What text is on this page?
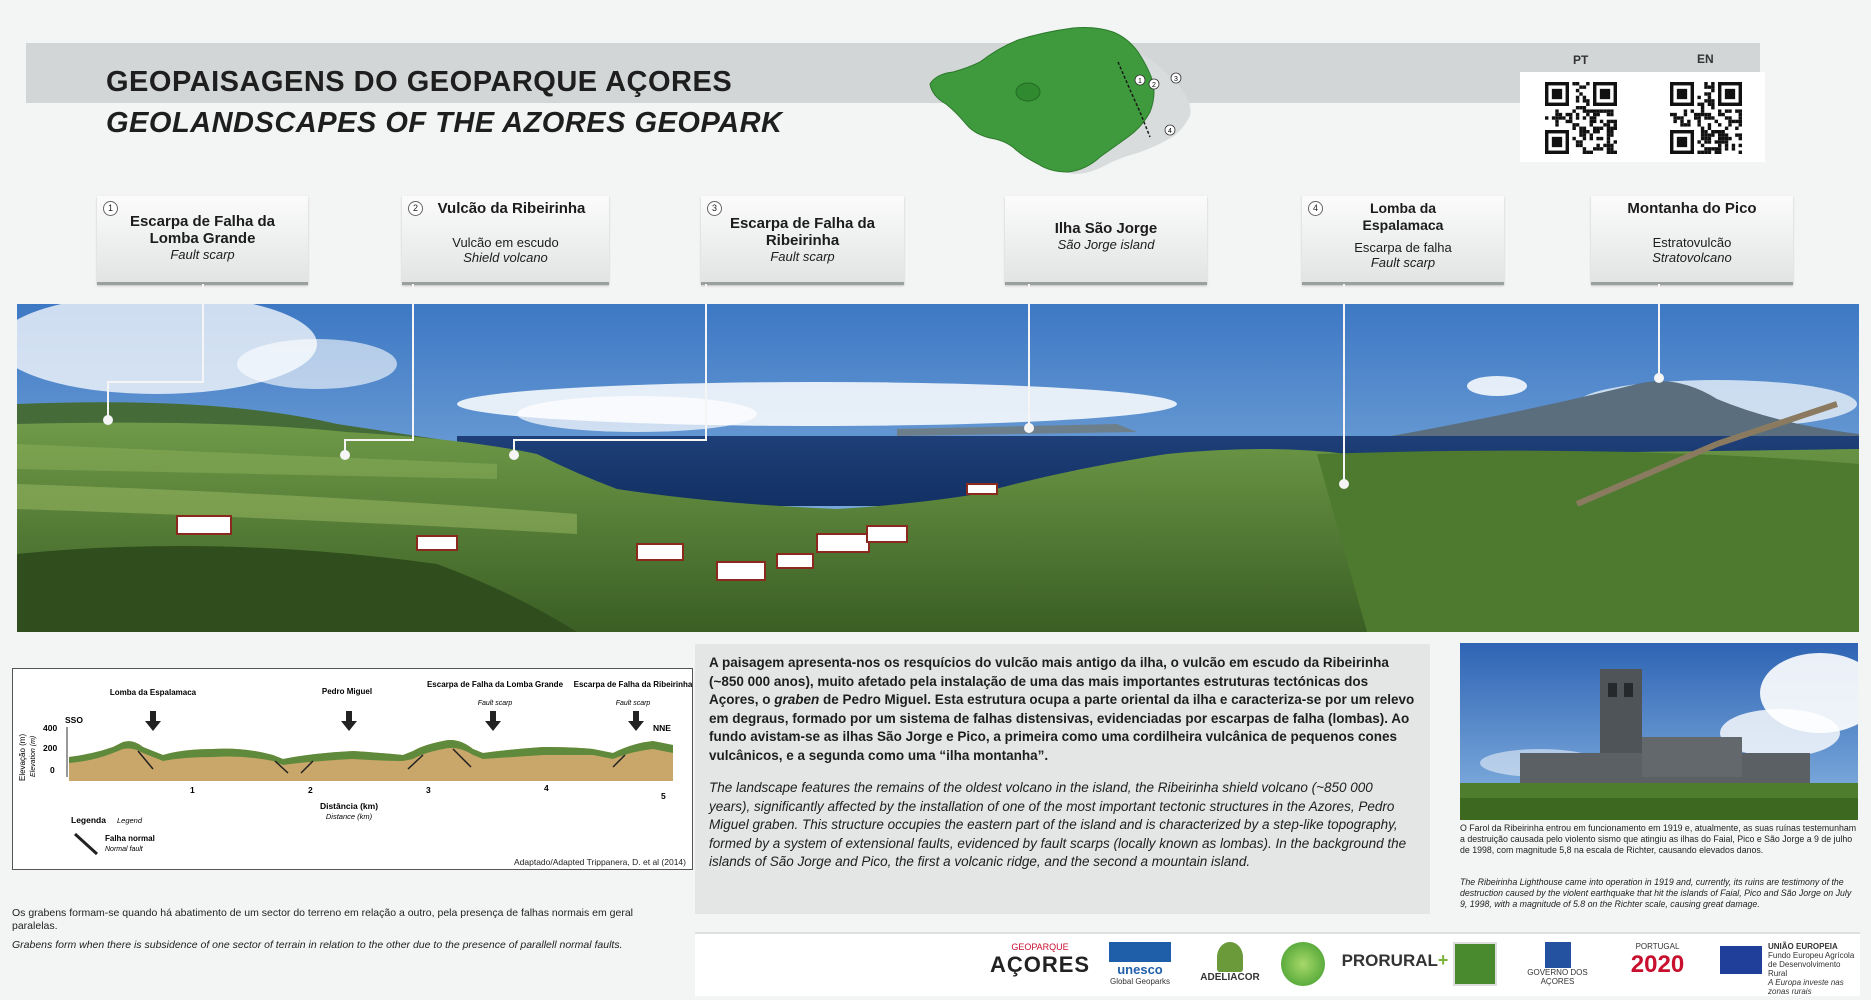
GEOPAISAGENS DO GEOPARQUE AÇORES
GEOLANDSCAPES OF THE AZORES GEOPARK
1
2
3
4
PT	EN
1
Escarpa de Falha da Lomba Grande
Fault scarp
2	Vulcão da Ribeirinha
Vulcão em escudo
Shield volcano
3
Escarpa de Falha da Ribeirinha
Fault scarp
Ilha São Jorge
São Jorge island
4	Lomba da Espalamaca
Escarpa de falha
Fault scarp
Montanha do Pico
Estratovulcão
Stratovolcano
Elevação (m) Elevation (m)
400
200
0
SSO
NNE
Lomba da Espalamaca	Pedro Miguel
Escarpa de Falha da Lomba Grande
Fault scarp
Escarpa de Falha da Ribeirinha
Fault scarp
1	2	3	4
5
Distância (km)
Distance (km)
Legenda Legend
Falha normal
Normal fault
Adaptado/Adapted Trippanera, D. et al (2014)
Os grabens formam-se quando há abatimento de um sector do terreno em relação a outro, pela presença de falhas normais em geral paralelas.
Grabens form when there is subsidence of one sector of terrain in relation to the other due to the presence of parallell normal faults.
A paisagem apresenta-nos os resquícios do vulcão mais antigo da ilha, o vulcão em escudo da Ribeirinha (~850 000 anos), muito afetado pela instalação de uma das mais importantes estruturas tectónicas dos Açores, o graben de Pedro Miguel. Esta estrutura ocupa a parte oriental da ilha e caracteriza-se por um relevo em degraus, formado por um sistema de falhas distensivas, evidenciadas por escarpas de falha (lombas). Ao fundo avistam-se as ilhas São Jorge e Pico, a primeira como uma cordilheira vulcânica de pequenos cones vulcânicos, e a segunda como uma “ilha montanha”.
The landscape features the remains of the oldest volcano in the island, the Ribeirinha shield volcano (~850 000 years), significantly affected by the installation of one of the most important tectonic structures in the Azores, Pedro Miguel graben. This structure occupies the eastern part of the island and is characterized by a step-like topography, formed by a system of extensional faults, evidenced by fault scarps (locally known as lombas). In the background the islands of São Jorge and Pico, the first a volcanic ridge, and the second a mountain island.
O Farol da Ribeirinha entrou em funcionamento em 1919 e, atualmente, as suas ruínas testemunham a destruição causada pelo violento sismo que atingiu as ilhas do Faial, Pico e São Jorge a 9 de julho de 1998, com magnitude 5,8 na escala de Richter, causando elevados danos.
The Ribeirinha Lighthouse came into operation in 1919 and, currently, its ruins are testimony of the destruction caused by the violent earthquake that hit the islands of Faial, Pico and São Jorge on July 9, 1998, with a magnitude of 5.8 on the Richter scale, causing great damage.
GEOPARQUE
AÇORES	unesco
Global Geoparks	ADELIACOR
PRORURAL+
GOVERNO DOS AÇORES
PORTUGAL
2020
UNIÃO EUROPEIA
Fundo Europeu Agrícola de Desenvolvimento Rural
A Europa investe nas zonas rurais
